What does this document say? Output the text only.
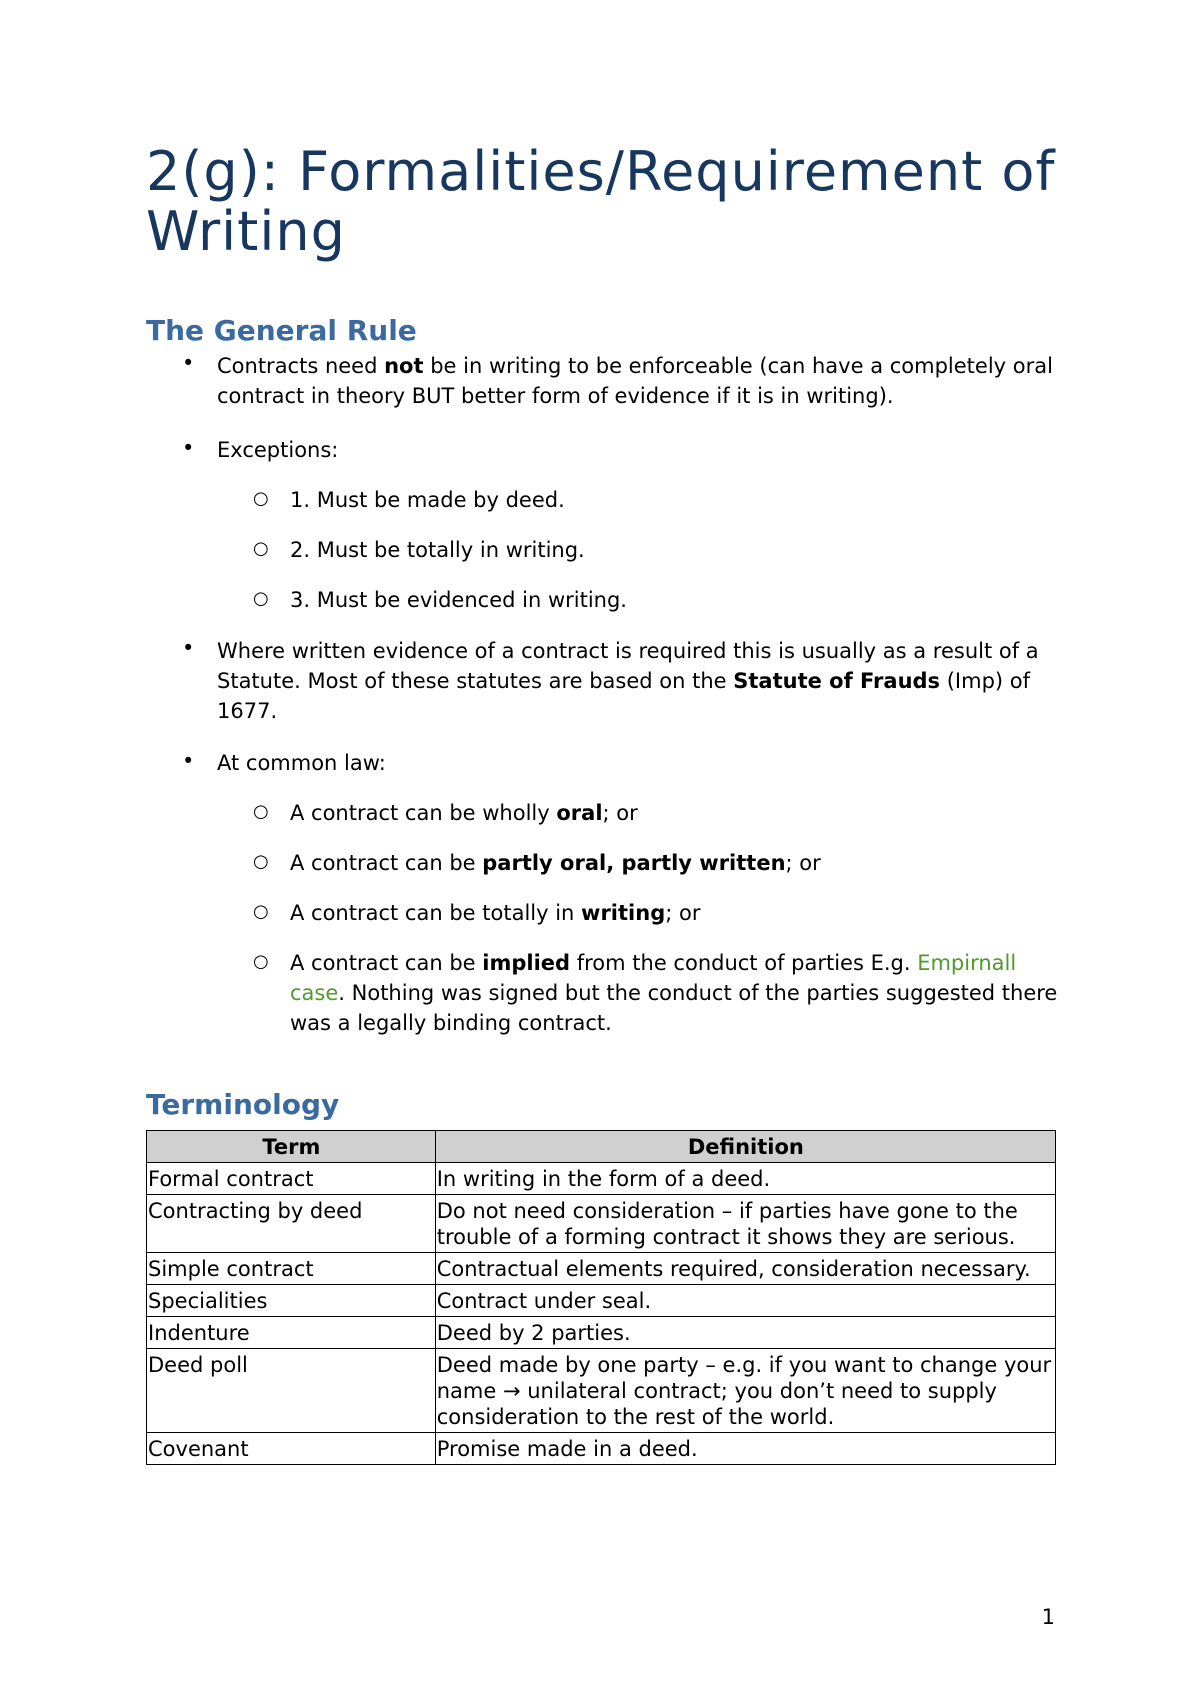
2(g): Formalities/Requirement of Writing
The General Rule
• Contracts need not be in writing to be enforceable (can have a completely oral contract in theory BUT better form of evidence if it is in writing).
• Exceptions:
○ 1. Must be made by deed.
○ 2. Must be totally in writing.
○ 3. Must be evidenced in writing.
• Where written evidence of a contract is required this is usually as a result of a Statute. Most of these statutes are based on the Statute of Frauds (Imp) of 1677.
• At common law:
○ A contract can be wholly oral; or
○ A contract can be partly oral, partly written; or
○ A contract can be totally in writing; or
○ A contract can be implied from the conduct of parties E.g. Empirnall case. Nothing was signed but the conduct of the parties suggested there was a legally binding contract.
Terminology
Term	Definition
Formal contract	In writing in the form of a deed.
Contracting by deed	Do not need consideration – if parties have gone to the trouble of a forming contract it shows they are serious.
Simple contract	Contractual elements required, consideration necessary.
Specialities	Contract under seal.
Indenture	Deed by 2 parties.
Deed poll	Deed made by one party – e.g. if you want to change your name → unilateral contract; you don’t need to supply consideration to the rest of the world.
Covenant	Promise made in a deed.
1
